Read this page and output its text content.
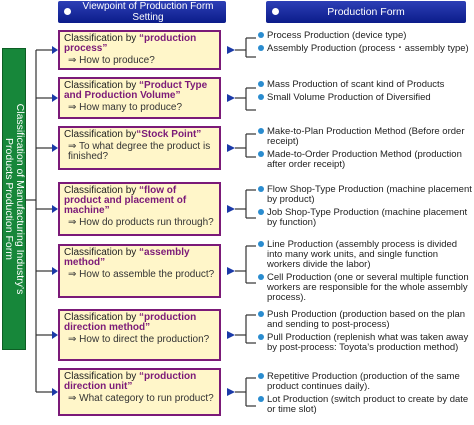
Viewpoint of Production Form Setting	Production Form
Classification of Manufacturing Industry’s
Products Production Form
Classification by “production process”
⇒ How to produce?
Classification by “Product Type and Production Volume”
⇒ How many to produce?
Classification by“Stock Point”
⇒ To what degree the product is finished?
Classification by “flow of product and placement of machine”
⇒ How do products run through?
Classification by “assembly method”
⇒ How to assemble the product?
Classification by “production direction method”
⇒ How to direct the production?
Classification by “production direction unit”
⇒ What category to run product?
Process Production (device type)
Assembly Production (process・assembly type)
Mass Production of scant kind of Products
Small Volume Production of Diversified
Make-to-Plan Production Method (Before order receipt)
Made-to-Order Production Method (production after order receipt)
Flow Shop-Type Production (machine placement by product)
Job Shop-Type Production (machine placement by function)
Line Production (assembly process is divided into many work units, and single function workers divide the labor)
Cell Production (one or several multiple function workers are responsible for the whole assembly process).
Push Production (production based on the plan and sending to post-process)
Pull Production (replenish what was taken away by post-process: Toyota’s production method)
Repetitive Production (production of the same product continues daily).
Lot Production (switch product to create by date or time slot)
